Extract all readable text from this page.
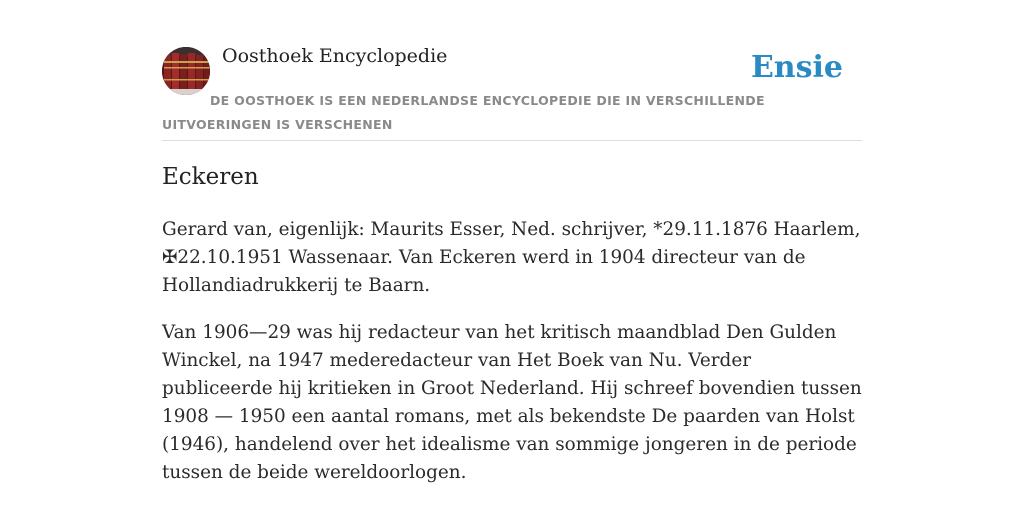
Oosthoek Encyclopedie	Ensie
DE OOSTHOEK IS EEN NEDERLANDSE ENCYCLOPEDIE DIE IN VERSCHILLENDE UITVOERINGEN IS VERSCHENEN
Eckeren

Gerard van, eigenlijk: Maurits Esser, Ned. schrijver, *29.11.1876 Haarlem, ✠22.10.1951 Wassenaar. Van Eckeren werd in 1904 directeur van de Hollandiadrukkerij te Baarn.

Van 1906—29 was hij redacteur van het kritisch maandblad Den Gulden Winckel, na 1947 mederedacteur van Het Boek van Nu. Verder publiceerde hij kritieken in Groot Nederland. Hij schreef bovendien tussen 1908 — 1950 een aantal romans, met als bekendste De paarden van Holst (1946), handelend over het idealisme van sommige jongeren in de periode tussen de beide wereldoorlogen.
